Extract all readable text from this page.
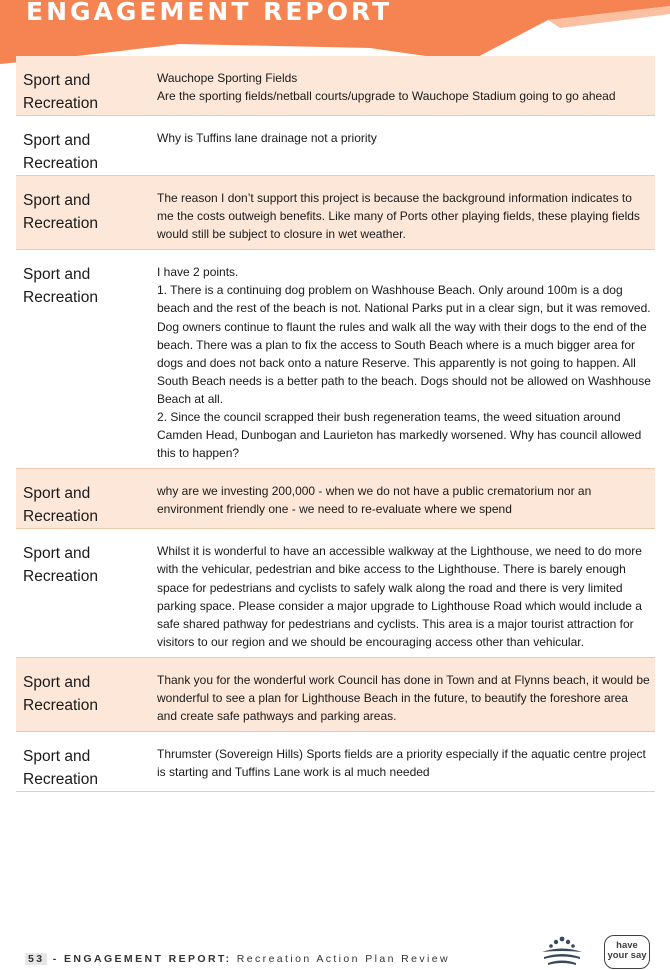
ENGAGEMENT REPORT
Sport and Recreation

Wauchope Sporting Fields

Are the sporting fields/netball courts/upgrade to Wauchope Stadium going to go ahead

Sport and Recreation

Why is Tuffins lane drainage not a priority

Sport and Recreation

The reason I don’t support this project is because the background information indicates to me the costs outweigh benefits. Like many of Ports other playing fields, these playing fields would still be subject to closure in wet weather.

Sport and Recreation

I have 2 points.

1. There is a continuing dog problem on Washhouse Beach. Only around 100m is a dog beach and the rest of the beach is not. National Parks put in a clear sign, but it was removed. Dog owners continue to flaunt the rules and walk all the way with their dogs to the end of the beach. There was a plan to fix the access to South Beach where is a much bigger area for dogs and does not back onto a nature Reserve. This apparently is not going to happen. All South Beach needs is a better path to the beach. Dogs should not be allowed on Washhouse Beach at all.

2. Since the council scrapped their bush regeneration teams, the weed situation around Camden Head, Dunbogan and Laurieton has markedly worsened. Why has council allowed this to happen?

Sport and Recreation

why are we investing 200,000 - when we do not have a public crematorium nor an environment friendly one - we need to re-evaluate where we spend

Sport and Recreation

Whilst it is wonderful to have an accessible walkway at the Lighthouse, we need to do more with the vehicular, pedestrian and bike access to the Lighthouse. There is barely enough space for pedestrians and cyclists to safely walk along the road and there is very limited parking space. Please consider a major upgrade to Lighthouse Road which would include a safe shared pathway for pedestrians and cyclists. This area is a major tourist attraction for visitors to our region and we should be encouraging access other than vehicular.

Sport and Recreation

Thank you for the wonderful work Council has done in Town and at Flynns beach, it would be wonderful to see a plan for Lighthouse Beach in the future, to beautify the foreshore area and create safe pathways and parking areas.

Sport and Recreation

Thrumster (Sovereign Hills) Sports fields are a priority especially if the aquatic centre project is starting and Tuffins Lane work is al much needed

53 - ENGAGEMENT REPORT: Recreation Action Plan Review
have
your say
